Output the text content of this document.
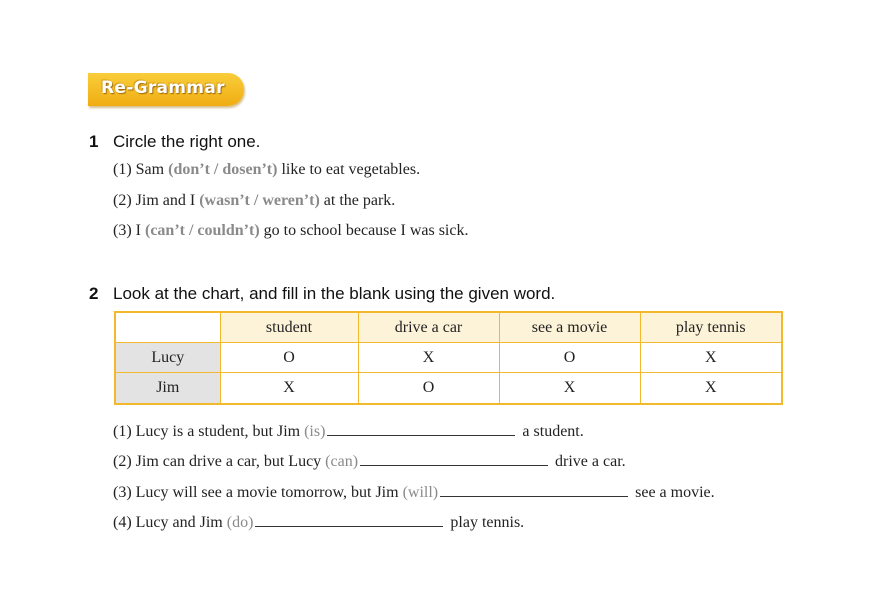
Re-Grammar
1 Circle the right one.
(1) Sam (don’t / dosen’t) like to eat vegetables.
(2) Jim and I (wasn’t / weren’t) at the park.
(3) I (can’t / couldn’t) go to school because I was sick.
2 Look at the chart, and fill in the blank using the given word.
	student	drive a car	see a movie	play tennis
Lucy	O	X	O	X
Jim	X	O	X	X
(1) Lucy is a student, but Jim (is)	a student.
(2) Jim can drive a car, but Lucy (can)	drive a car.
(3) Lucy will see a movie tomorrow, but Jim (will)	see a movie.
(4) Lucy and Jim (do)	play tennis.
